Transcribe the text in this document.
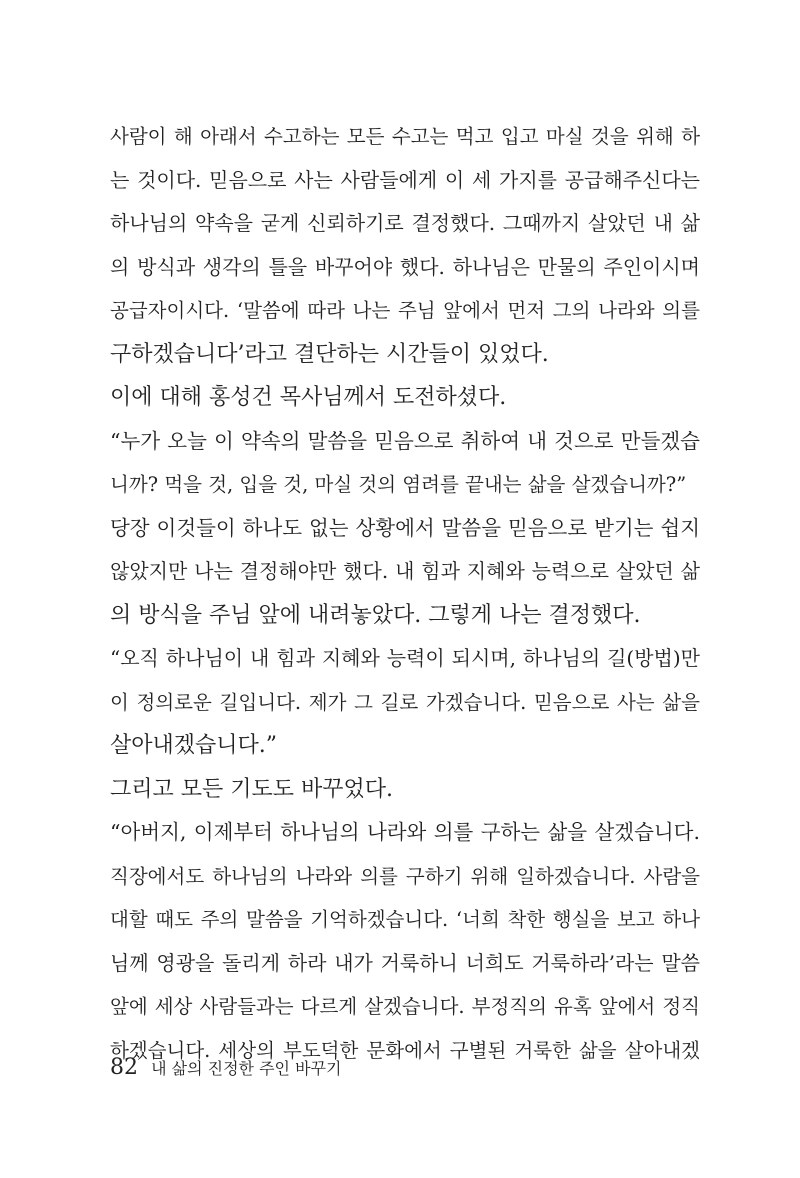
사람이 해 아래서 수고하는 모든 수고는 먹고 입고 마실 것을 위해 하
는 것이다. 믿음으로 사는 사람들에게 이 세 가지를 공급해주신다는
하나님의 약속을 굳게 신뢰하기로 결정했다. 그때까지 살았던 내 삶
의 방식과 생각의 틀을 바꾸어야 했다. 하나님은 만물의 주인이시며
공급자이시다. ‘말씀에 따라 나는 주님 앞에서 먼저 그의 나라와 의를
구하겠습니다’라고 결단하는 시간들이 있었다.
이에 대해 홍성건 목사님께서 도전하셨다.
“누가 오늘 이 약속의 말씀을 믿음으로 취하여 내 것으로 만들겠습
니까? 먹을 것, 입을 것, 마실 것의 염려를 끝내는 삶을 살겠습니까?”
당장 이것들이 하나도 없는 상황에서 말씀을 믿음으로 받기는 쉽지
않았지만 나는 결정해야만 했다. 내 힘과 지혜와 능력으로 살았던 삶
의 방식을 주님 앞에 내려놓았다. 그렇게 나는 결정했다.
“오직 하나님이 내 힘과 지혜와 능력이 되시며, 하나님의 길(방법)만
이 정의로운 길입니다. 제가 그 길로 가겠습니다. 믿음으로 사는 삶을
살아내겠습니다.”
그리고 모든 기도도 바꾸었다.
“아버지, 이제부터 하나님의 나라와 의를 구하는 삶을 살겠습니다.
직장에서도 하나님의 나라와 의를 구하기 위해 일하겠습니다. 사람을
대할 때도 주의 말씀을 기억하겠습니다. ‘너희 착한 행실을 보고 하나
님께 영광을 돌리게 하라 내가 거룩하니 너희도 거룩하라’라는 말씀
앞에 세상 사람들과는 다르게 살겠습니다. 부정직의 유혹 앞에서 정직
하겠습니다. 세상의 부도덕한 문화에서 구별된 거룩한 삶을 살아내겠
82 내 삶의 진정한 주인 바꾸기
